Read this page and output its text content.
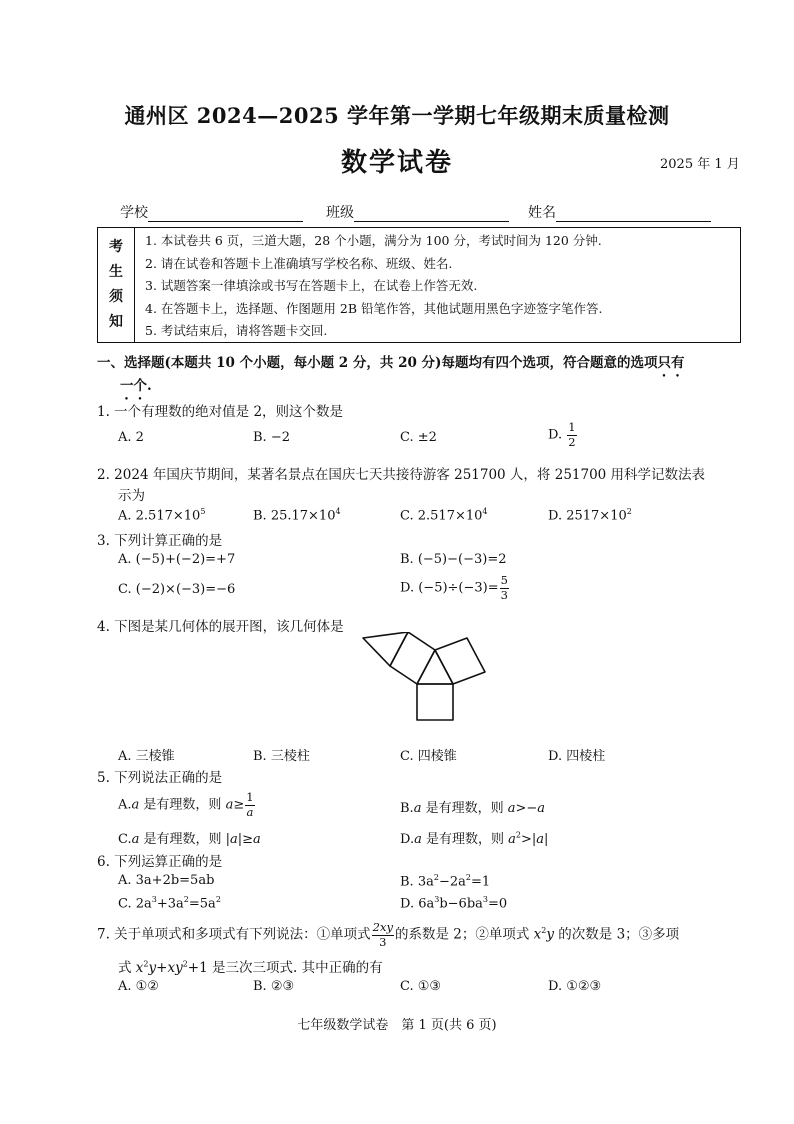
通州区 2024—2025 学年第一学期七年级期末质量检测
数学试卷	2025 年 1 月
学校	班级	姓名
考
生
须
知
1. 本试卷共 6 页，三道大题，28 个小题，满分为 100 分，考试时间为 120 分钟.
2. 请在试卷和答题卡上准确填写学校名称、班级、姓名.
3. 试题答案一律填涂或书写在答题卡上，在试卷上作答无效.
4. 在答题卡上，选择题、作图题用 2B 铅笔作答，其他试题用黑色字迹签字笔作答.
5. 考试结束后，请将答题卡交回.
一、选择题(本题共 10 个小题，每小题 2 分，共 20 分)每题均有四个选项，符合题意的选项只有
一个.
1. 一个有理数的绝对值是 2，则这个数是
A. 2	B. −2	C. ±2	D. $\frac{1}{2}$
2. 2024 年国庆节期间，某著名景点在国庆七天共接待游客 251700 人，将 251700 用科学记数法表
示为
A. $2.517\times 10^5$	B. $25.17\times 10^4$	C. $2.517\times 10^4$	D. $2517\times 10^2$
3. 下列计算正确的是
A. (−5)+(−2)=+7	B. (−5)−(−3)=2
C. (−2)×(−3)=−6	D. $(-5)\div(-3)= \frac{5}{3}$
4. 下图是某几何体的展开图，该几何体是
A. 三棱锥	B. 三棱柱	C. 四棱锥	D. 四棱柱
5. 下列说法正确的是
A.a 是有理数，则 $a\ge \frac{1}{a}$	B.a 是有理数，则 a>−a
C.a 是有理数，则 |a|≥a	D.a 是有理数，则 $a^2>|a|$
6. 下列运算正确的是
A. 3a+2b=5ab	B. $3a^2-2a^2=1$
C. $2a^3+3a^2=5a^2$	D. $6a^3b-6ba^3=0$
7. 关于单项式和多项式有下列说法：①单项式 $\frac{2xy}{3}$ 的系数是 2；②单项式 $x^2y$ 的次数是 3；③多项
式 $x^2y+xy^2+1$ 是三次三项式. 其中正确的有
A. ①②	B. ②③	C. ①③	D. ①②③
七年级数学试卷　第 1 页(共 6 页)
